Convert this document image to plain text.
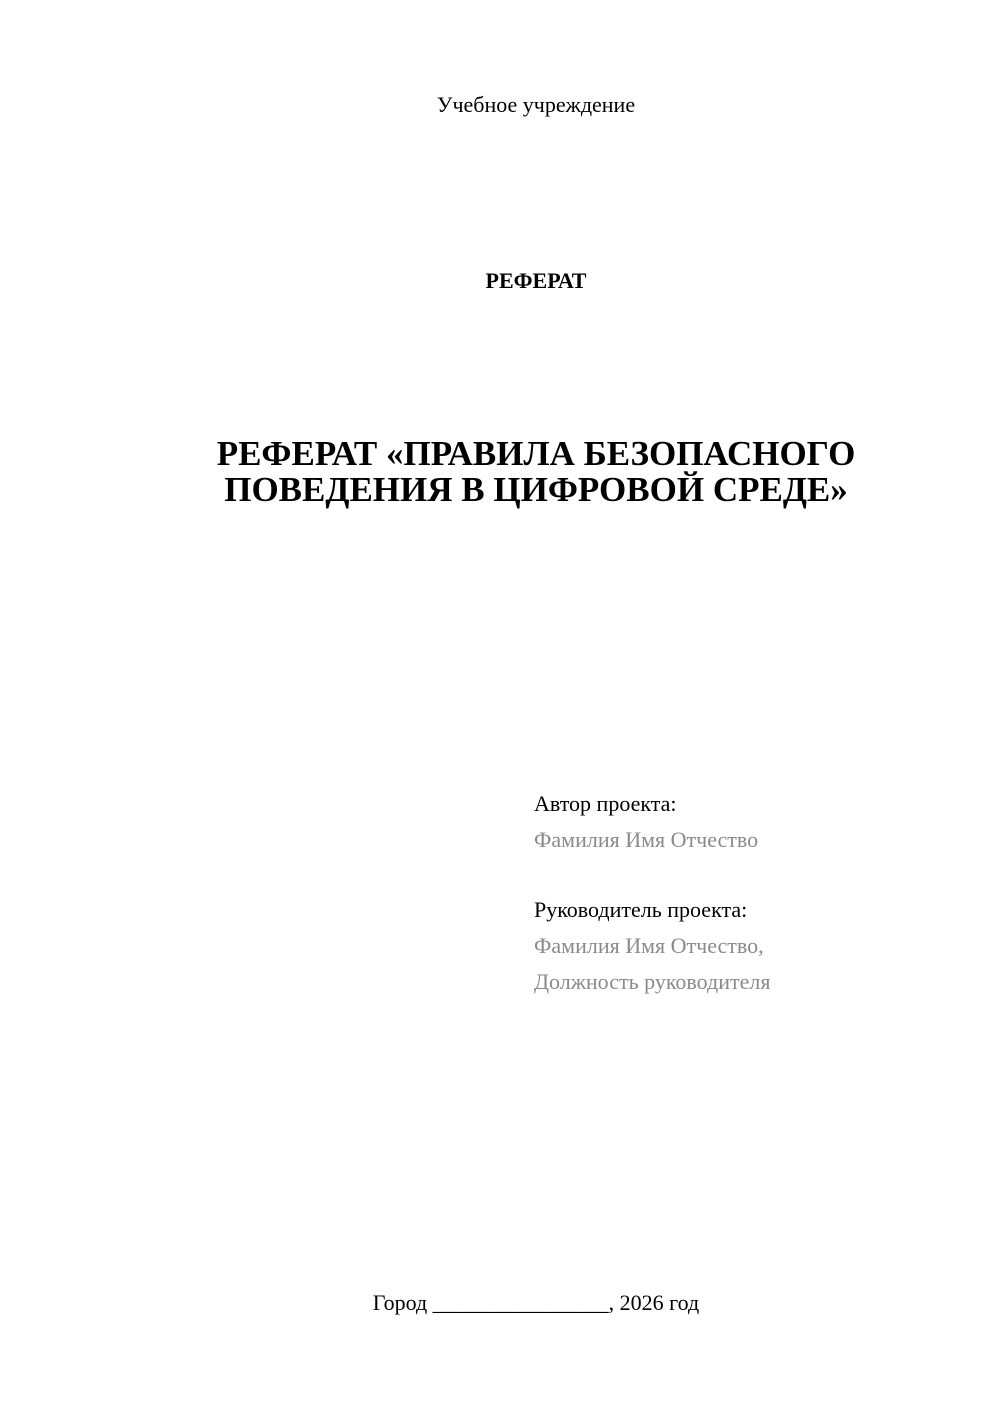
Учебное учреждение
РЕФЕРАТ
РЕФЕРАТ «ПРАВИЛА БЕЗОПАСНОГО
ПОВЕДЕНИЯ В ЦИФРОВОЙ СРЕДЕ»
Автор проекта:
Фамилия Имя Отчество
Руководитель проекта:
Фамилия Имя Отчество,
Должность руководителя
Город ________________, 2026 год
